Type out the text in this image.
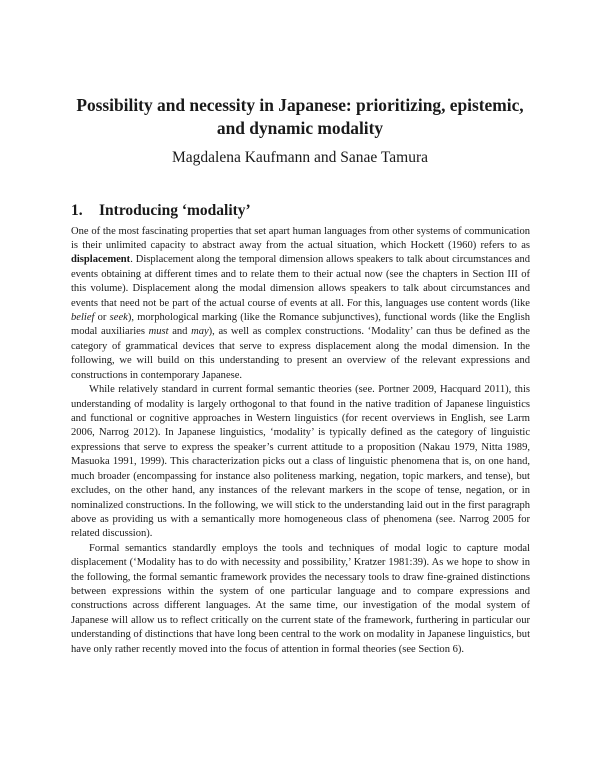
Possibility and necessity in Japanese: prioritizing, epistemic,
and dynamic modality
Magdalena Kaufmann and Sanae Tamura
1. Introducing ‘modality’

One of the most fascinating properties that set apart human languages from other systems of communication is their unlimited capacity to abstract away from the actual situation, which Hockett (1960) refers to as displacement. Displacement along the temporal dimension allows speakers to talk about circumstances and events obtaining at different times and to relate them to their actual now (see the chapters in Section III of this volume). Displacement along the modal dimension allows speakers to talk about circumstances and events that need not be part of the actual course of events at all. For this, languages use content words (like belief or seek), morphological marking (like the Romance subjunctives), functional words (like the English modal auxiliaries must and may), as well as complex constructions. ‘Modality’ can thus be defined as the category of grammatical devices that serve to express displacement along the modal dimension. In the following, we will build on this understanding to present an overview of the relevant expressions and constructions in contemporary Japanese.

While relatively standard in current formal semantic theories (see. Portner 2009, Hacquard 2011), this understanding of modality is largely orthogonal to that found in the native tradition of Japanese linguistics and functional or cognitive approaches in Western linguistics (for recent overviews in English, see Larm 2006, Narrog 2012). In Japanese linguistics, ‘modality’ is typically defined as the category of linguistic expressions that serve to express the speaker’s current attitude to a proposition (Nakau 1979, Nitta 1989, Masuoka 1991, 1999). This characterization picks out a class of linguistic phenomena that is, on one hand, much broader (encompassing for instance also politeness marking, negation, topic markers, and tense), but excludes, on the other hand, any instances of the relevant markers in the scope of tense, negation, or in nominalized constructions. In the following, we will stick to the understanding laid out in the first paragraph above as providing us with a semantically more homogeneous class of phenomena (see. Narrog 2005 for related discussion).

Formal semantics standardly employs the tools and techniques of modal logic to capture modal displacement (‘Modality has to do with necessity and possibility,’ Kratzer 1981:39). As we hope to show in the following, the formal semantic framework provides the necessary tools to draw fine-grained distinctions between expressions within the system of one particular language and to compare expressions and constructions across different languages. At the same time, our investigation of the modal system of Japanese will allow us to reflect critically on the current state of the framework, furthering in particular our understanding of distinctions that have long been central to the work on modality in Japanese linguistics, but have only rather recently moved into the focus of attention in formal theories (see Section 6).
